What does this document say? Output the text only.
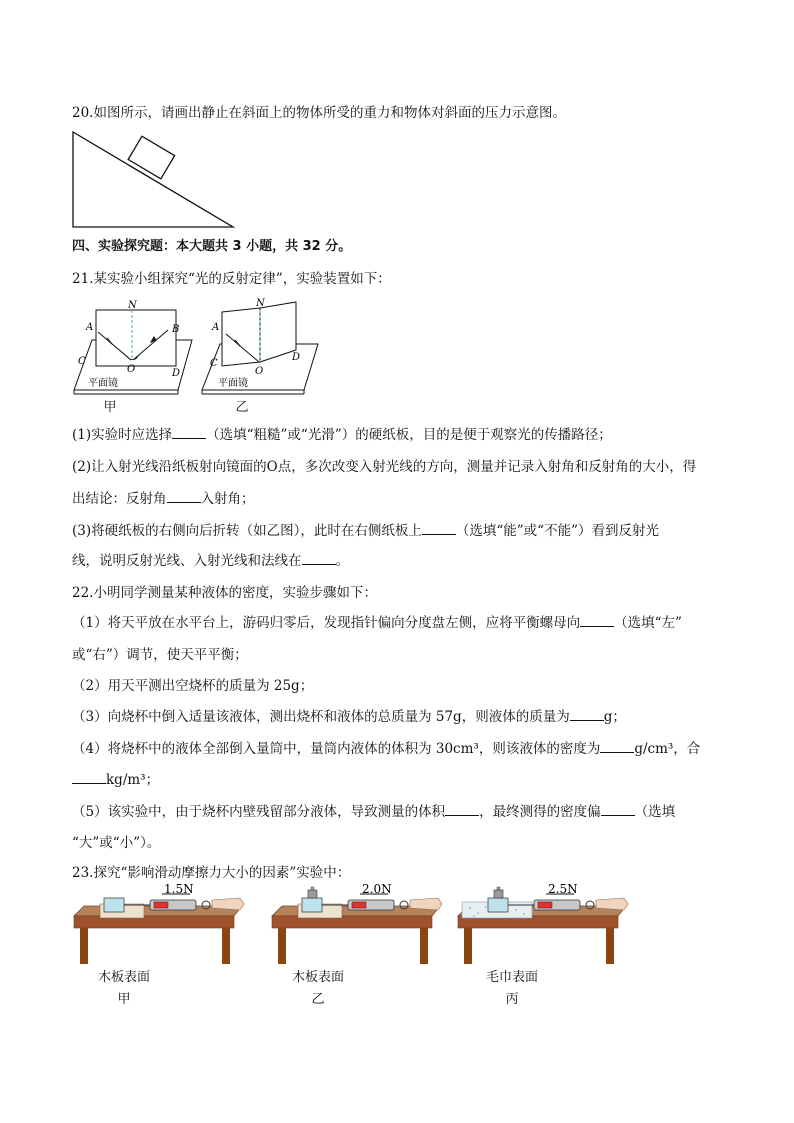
20.如图所示，请画出静止在斜面上的物体所受的重力和物体对斜面的压力示意图。
四、实验探究题：本大题共 3 小题，共 32 分。
21.某实验小组探究“光的反射定律”，实验装置如下：
N
A	B
C
D
O
平面镜
甲
N
A
C
D
O
平面镜
乙
(1)实验时应选择	（选填“粗糙”或“光滑”）的硬纸板，目的是便于观察光的传播路径；
(2)让入射光线沿纸板射向镜面的O点，多次改变入射光线的方向，测量并记录入射角和反射角的大小，得
出结论：反射角	入射角；
(3)将硬纸板的右侧向后折转（如乙图），此时在右侧纸板上	（选填“能”或“不能”）看到反射光
线，说明反射光线、入射光线和法线在	。
22.小明同学测量某种液体的密度，实验步骤如下：
（1）将天平放在水平台上，游码归零后，发现指针偏向分度盘左侧，应将平衡螺母向	（选填“左”
或“右”）调节，使天平平衡；
（2）用天平测出空烧杯的质量为 25g；
（3）向烧杯中倒入适量该液体，测出烧杯和液体的总质量为 57g，则液体的质量为	g；
（4）将烧杯中的液体全部倒入量筒中，量筒内液体的体积为 30cm³，则该液体的密度为	g/cm³，合
kg/m³；
（5）该实验中，由于烧杯内壁残留部分液体，导致测量的体积	，最终测得的密度偏	（选填
“大”或“小”）。
23.探究“影响滑动摩擦力大小的因素”实验中：
1.5N
木板表面
甲
2.0N
木板表面
乙
2.5N
毛巾表面
丙
